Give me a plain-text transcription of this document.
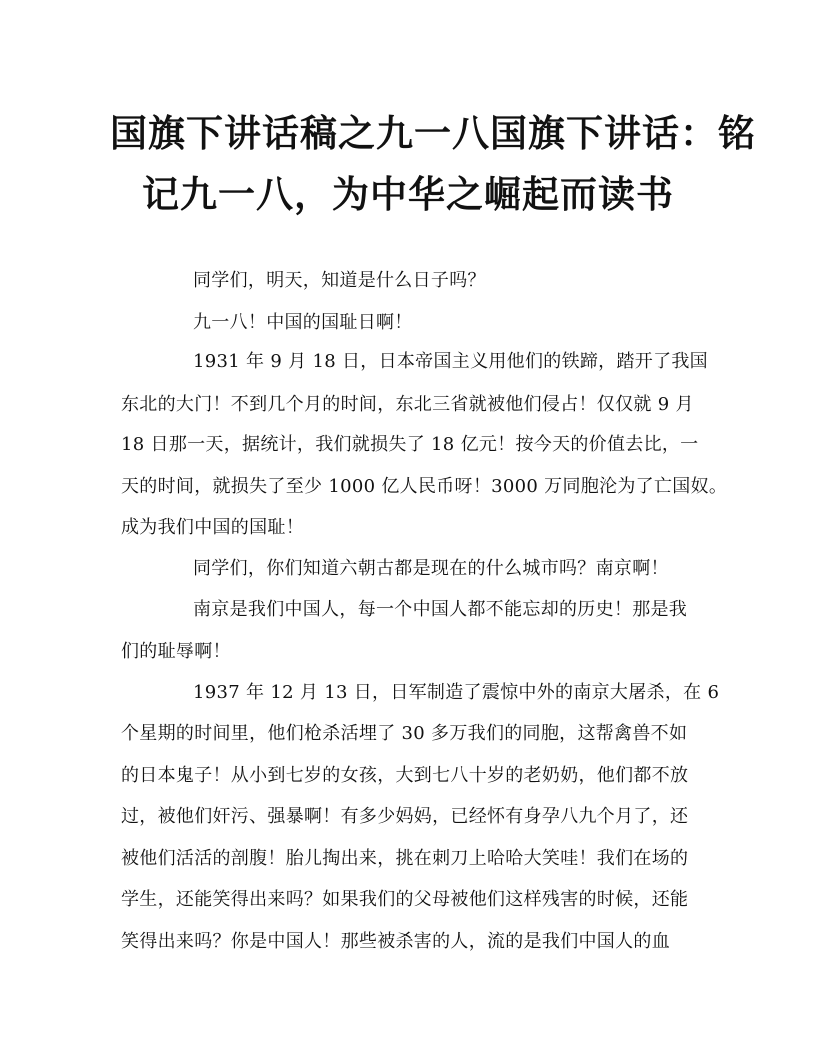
国旗下讲话稿之九一八国旗下讲话：铭
记九一八，为中华之崛起而读书
同学们，明天，知道是什么日子吗？
九一八！中国的国耻日啊！
1931 年 9 月 18 日，日本帝国主义用他们的铁蹄，踏开了我国
东北的大门！不到几个月的时间，东北三省就被他们侵占！仅仅就 9 月
18 日那一天，据统计，我们就损失了 18 亿元！按今天的价值去比，一
天的时间，就损失了至少 1000 亿人民币呀！3000 万同胞沦为了亡国奴。
成为我们中国的国耻！
同学们，你们知道六朝古都是现在的什么城市吗？南京啊！
南京是我们中国人，每一个中国人都不能忘却的历史！那是我
们的耻辱啊！
1937 年 12 月 13 日，日军制造了震惊中外的南京大屠杀，在 6
个星期的时间里，他们枪杀活埋了 30 多万我们的同胞，这帮禽兽不如
的日本鬼子！从小到七岁的女孩，大到七八十岁的老奶奶，他们都不放
过，被他们奸污、强暴啊！有多少妈妈，已经怀有身孕八九个月了，还
被他们活活的剖腹！胎儿掏出来，挑在刺刀上哈哈大笑哇！我们在场的
学生，还能笑得出来吗？如果我们的父母被他们这样残害的时候，还能
笑得出来吗？你是中国人！那些被杀害的人，流的是我们中国人的血
